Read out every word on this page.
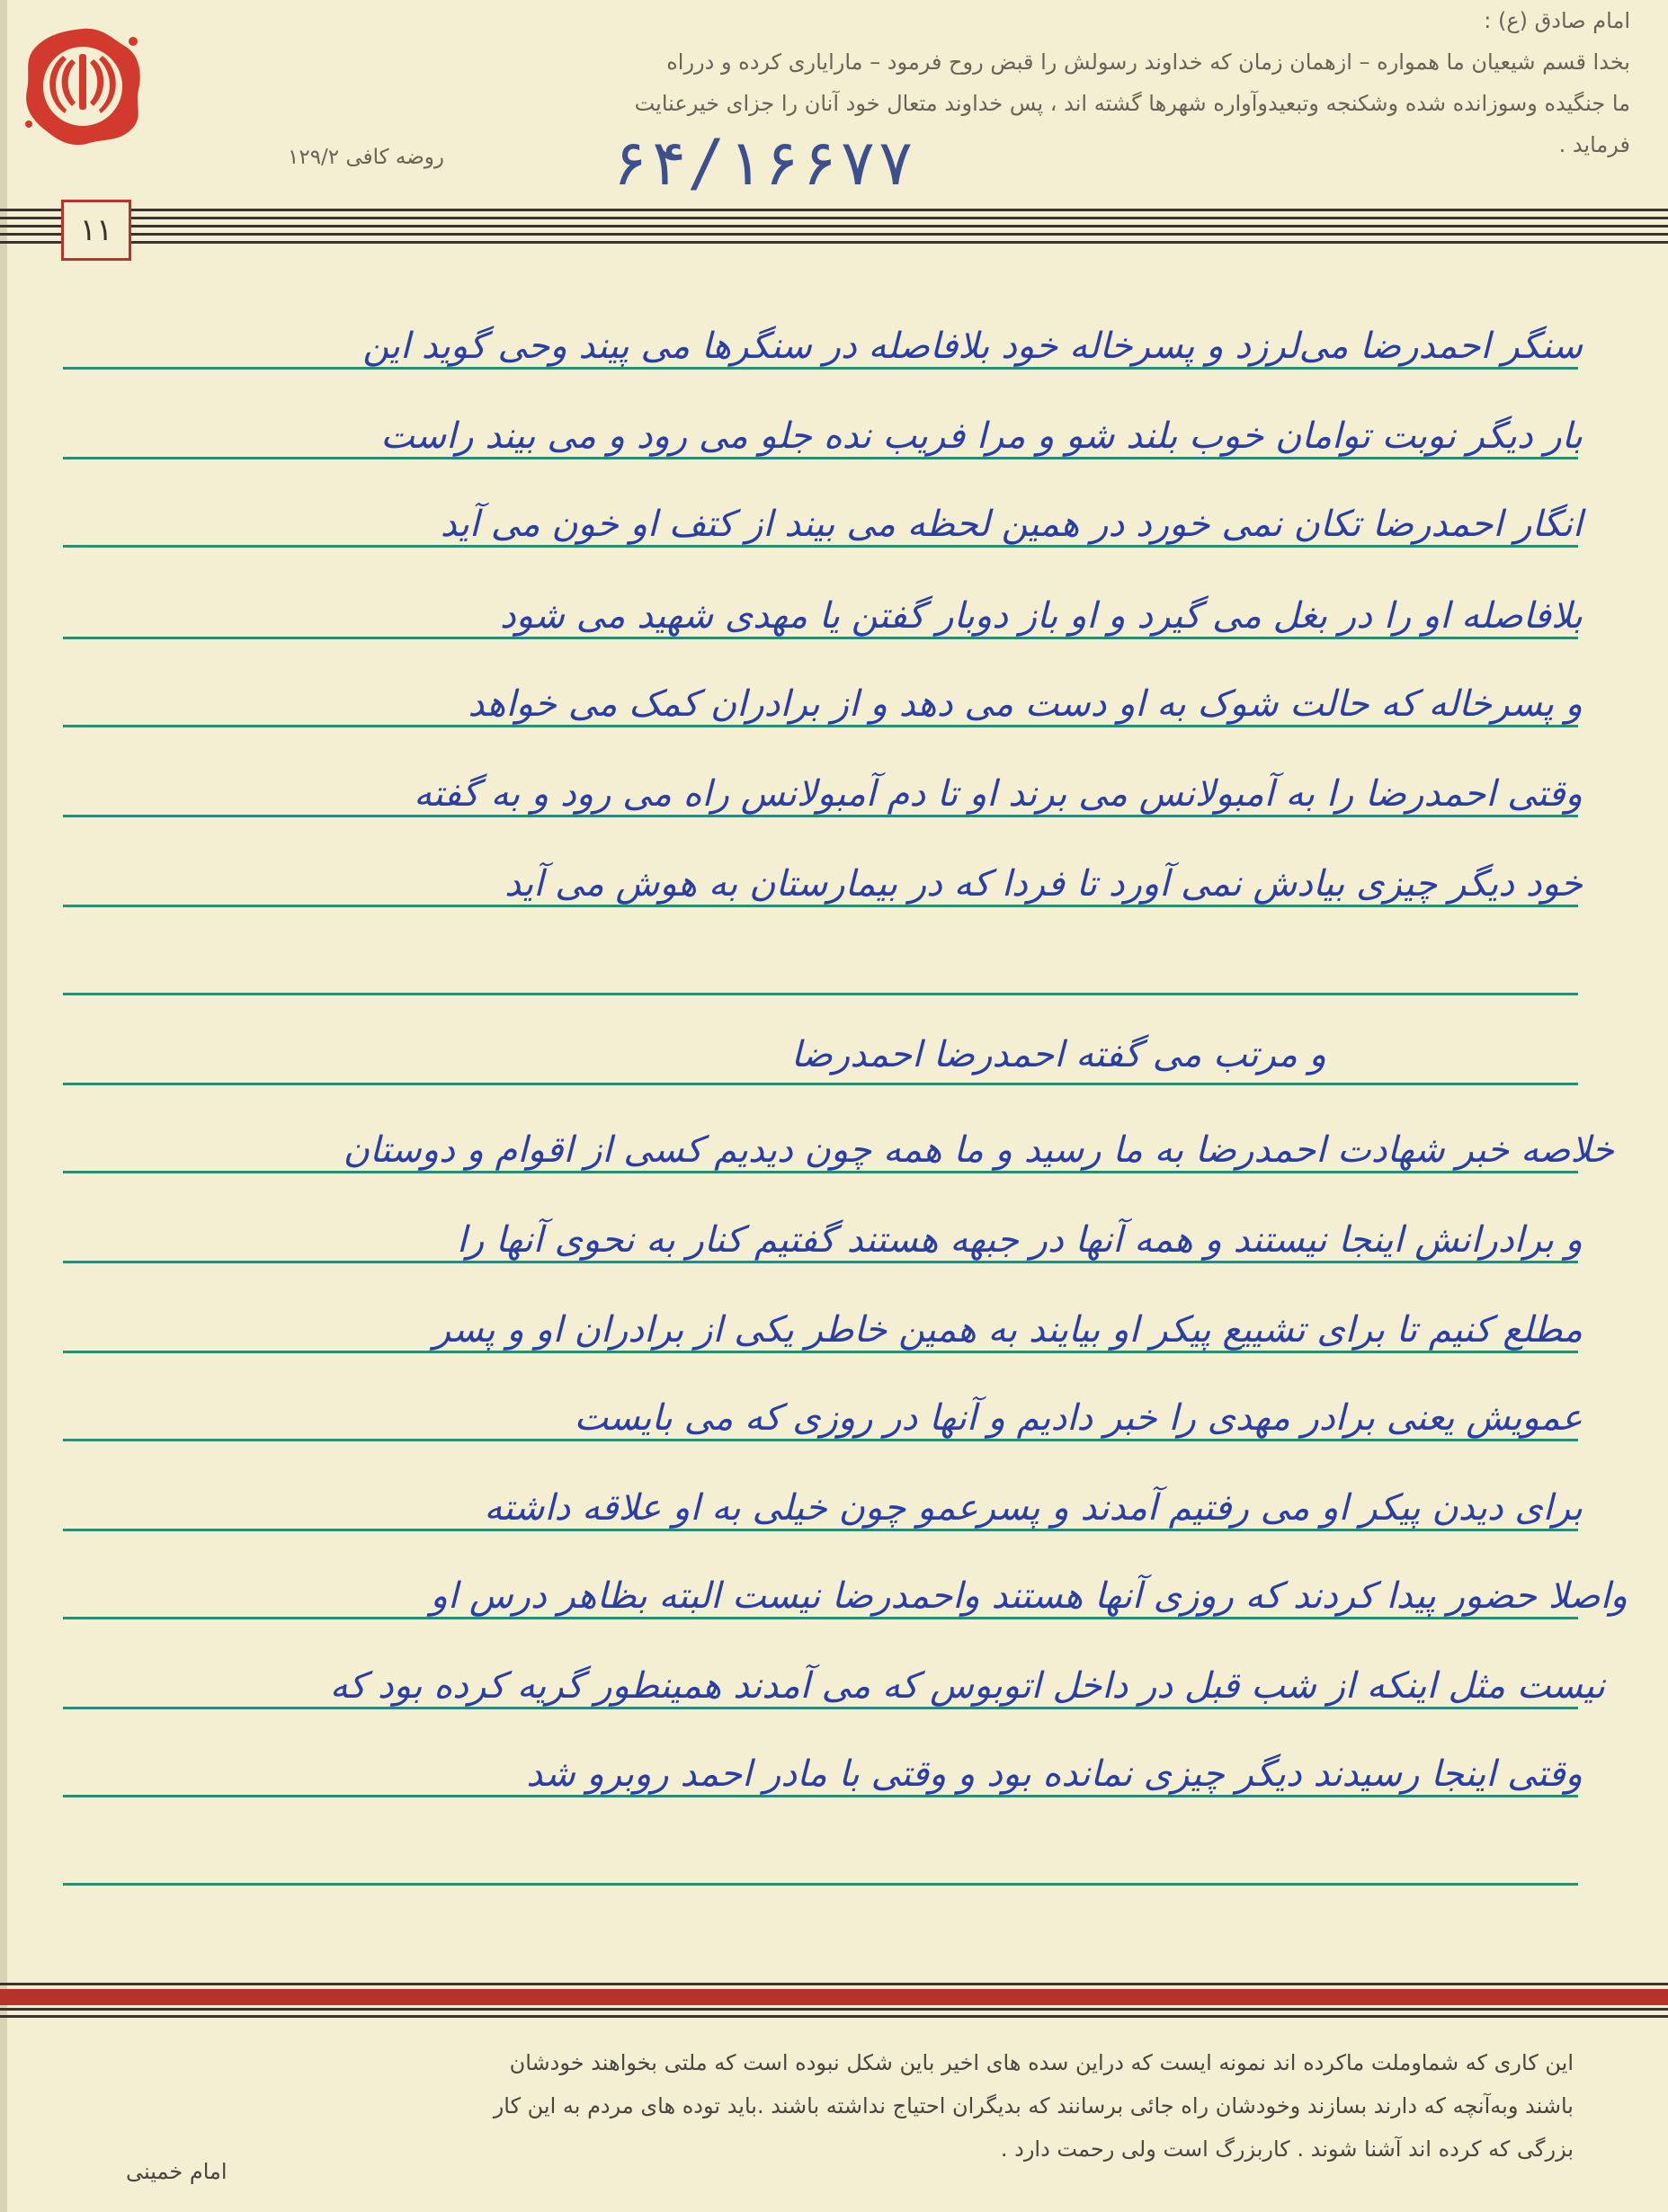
امام صادق (ع) :

بخدا قسم شیعیان ما همواره – ازهمان زمان که خداوند رسولش را قبض روح فرمود – مارایاری کرده و درراه

ما جنگیده وسوزانده شده وشکنجه وتبعیدوآواره شهرها گشته اند ، پس خداوند متعال خود آنان را جزای خیرعنایت

فرماید .

روضه کافی ۱۲۹/۲	۶۴/۱۶۶۷۷
۱۱
سنگر احمدرضا می‌لرزد و پسرخاله خود بلافاصله در سنگرها می پیند وحی گوید این
بار دیگر نوبت توامان خوب بلند شو و مرا فریب نده جلو می رود و می بیند راست
انگار احمدرضا تکان نمی خورد در همین لحظه می بیند از کتف او خون می آید
بلافاصله او را در بغل می گیرد و او باز دوبار گفتن یا مهدی شهید می شود
و پسرخاله که حالت شوک به او دست می دهد و از برادران کمک می خواهد
وقتی احمدرضا را به آمبولانس می برند او تا دم آمبولانس راه می رود و به گفته
خود دیگر چیزی بیادش نمی آورد تا فردا که در بیمارستان به هوش می آید
و مرتب می گفته احمدرضا احمدرضا
خلاصه خبر شهادت احمدرضا به ما رسید و ما همه چون دیدیم کسی از اقوام و دوستان
و برادرانش اینجا نیستند و همه آنها در جبهه هستند گفتیم کنار به نحوی آنها را
مطلع کنیم تا برای تشییع پیکر او بیایند به همین خاطر یکی از برادران او و پسر
عمویش یعنی برادر مهدی را خبر دادیم و آنها در روزی که می بایست
برای دیدن پیکر او می رفتیم آمدند و پسرعمو چون خیلی به او علاقه داشته
واصلا حضور پیدا کردند که روزی آنها هستند واحمدرضا نیست البته بظاهر درس او
نیست مثل اینکه از شب قبل در داخل اتوبوس که می آمدند همینطور گریه کرده بود که
وقتی اینجا رسیدند دیگر چیزی نمانده بود و وقتی با مادر احمد روبرو شد

این کاری که شماوملت ماکرده اند نمونه ایست که دراین سده های اخیر باین شکل نبوده است که ملتی بخواهند خودشان

باشند وبه‌آنچه که دارند بسازند وخودشان راه جائی برسانند که بدیگران احتیاج نداشته باشند .باید توده های مردم به این کار

بزرگی که کرده اند آشنا شوند . کاربزرگ است ولی رحمت دارد .

امام خمینی
